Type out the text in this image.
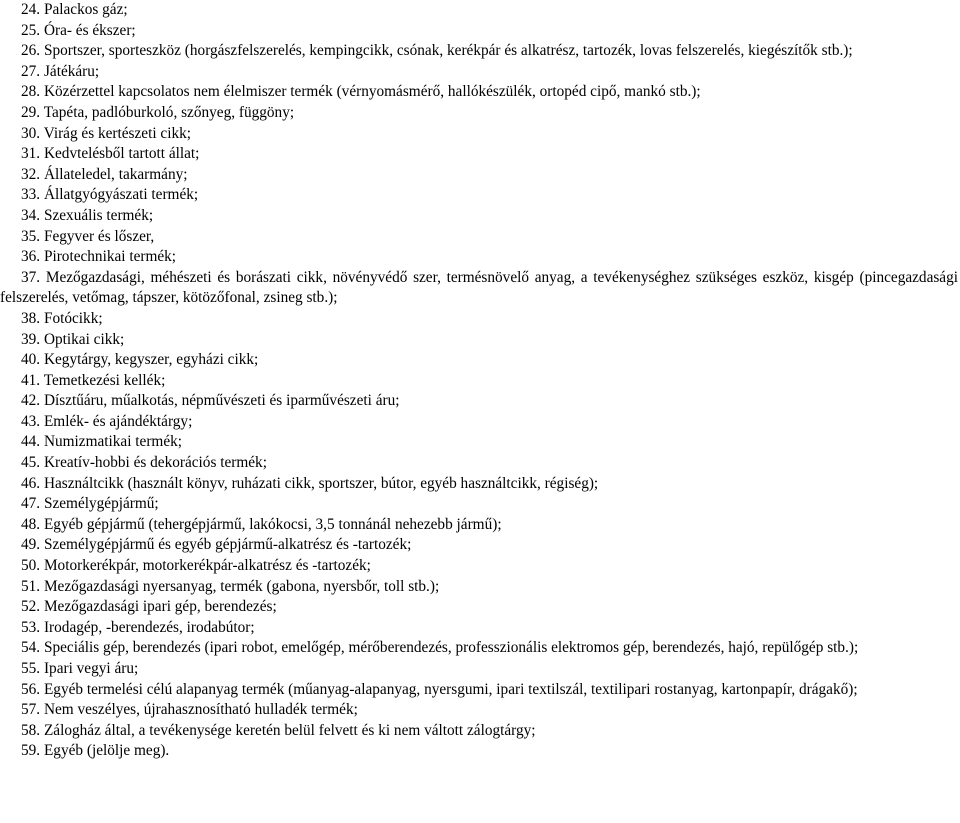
24. Palackos gáz;
25. Óra- és ékszer;
26. Sportszer, sporteszköz (horgászfelszerelés, kempingcikk, csónak, kerékpár és alkatrész, tartozék, lovas felszerelés, kiegészítők stb.);
27. Játékáru;
28. Közérzettel kapcsolatos nem élelmiszer termék (vérnyomásmérő, hallókészülék, ortopéd cipő, mankó stb.);
29. Tapéta, padlóburkoló, szőnyeg, függöny;
30. Virág és kertészeti cikk;
31. Kedvtelésből tartott állat;
32. Állateledel, takarmány;
33. Állatgyógyászati termék;
34. Szexuális termék;
35. Fegyver és lőszer,
36. Pirotechnikai termék;
37. Mezőgazdasági, méhészeti és borászati cikk, növényvédő szer, termésnövelő anyag, a tevékenységhez szükséges eszköz, kisgép (pincegazdasági felszerelés, vetőmag, tápszer, kötözőfonal, zsineg stb.);
38. Fotócikk;
39. Optikai cikk;
40. Kegytárgy, kegyszer, egyházi cikk;
41. Temetkezési kellék;
42. Dísztűáru, műalkotás, népművészeti és iparművészeti áru;
43. Emlék- és ajándéktárgy;
44. Numizmatikai termék;
45. Kreatív-hobbi és dekorációs termék;
46. Használtcikk (használt könyv, ruházati cikk, sportszer, bútor, egyéb használtcikk, régiség);
47. Személygépjármű;
48. Egyéb gépjármű (tehergépjármű, lakókocsi, 3,5 tonnánál nehezebb jármű);
49. Személygépjármű és egyéb gépjármű-alkatrész és -tartozék;
50. Motorkerékpár, motorkerékpár-alkatrész és -tartozék;
51. Mezőgazdasági nyersanyag, termék (gabona, nyersbőr, toll stb.);
52. Mezőgazdasági ipari gép, berendezés;
53. Irodagép, -berendezés, irodabútor;
54. Speciális gép, berendezés (ipari robot, emelőgép, mérőberendezés, professzionális elektromos gép, berendezés, hajó, repülőgép stb.);
55. Ipari vegyi áru;
56. Egyéb termelési célú alapanyag termék (műanyag-alapanyag, nyersgumi, ipari textilszál, textilipari rostanyag, kartonpapír, drágakő);
57. Nem veszélyes, újrahasznosítható hulladék termék;
58. Zálogház által, a tevékenysége keretén belül felvett és ki nem váltott zálogtárgy;
59. Egyéb (jelölje meg).
